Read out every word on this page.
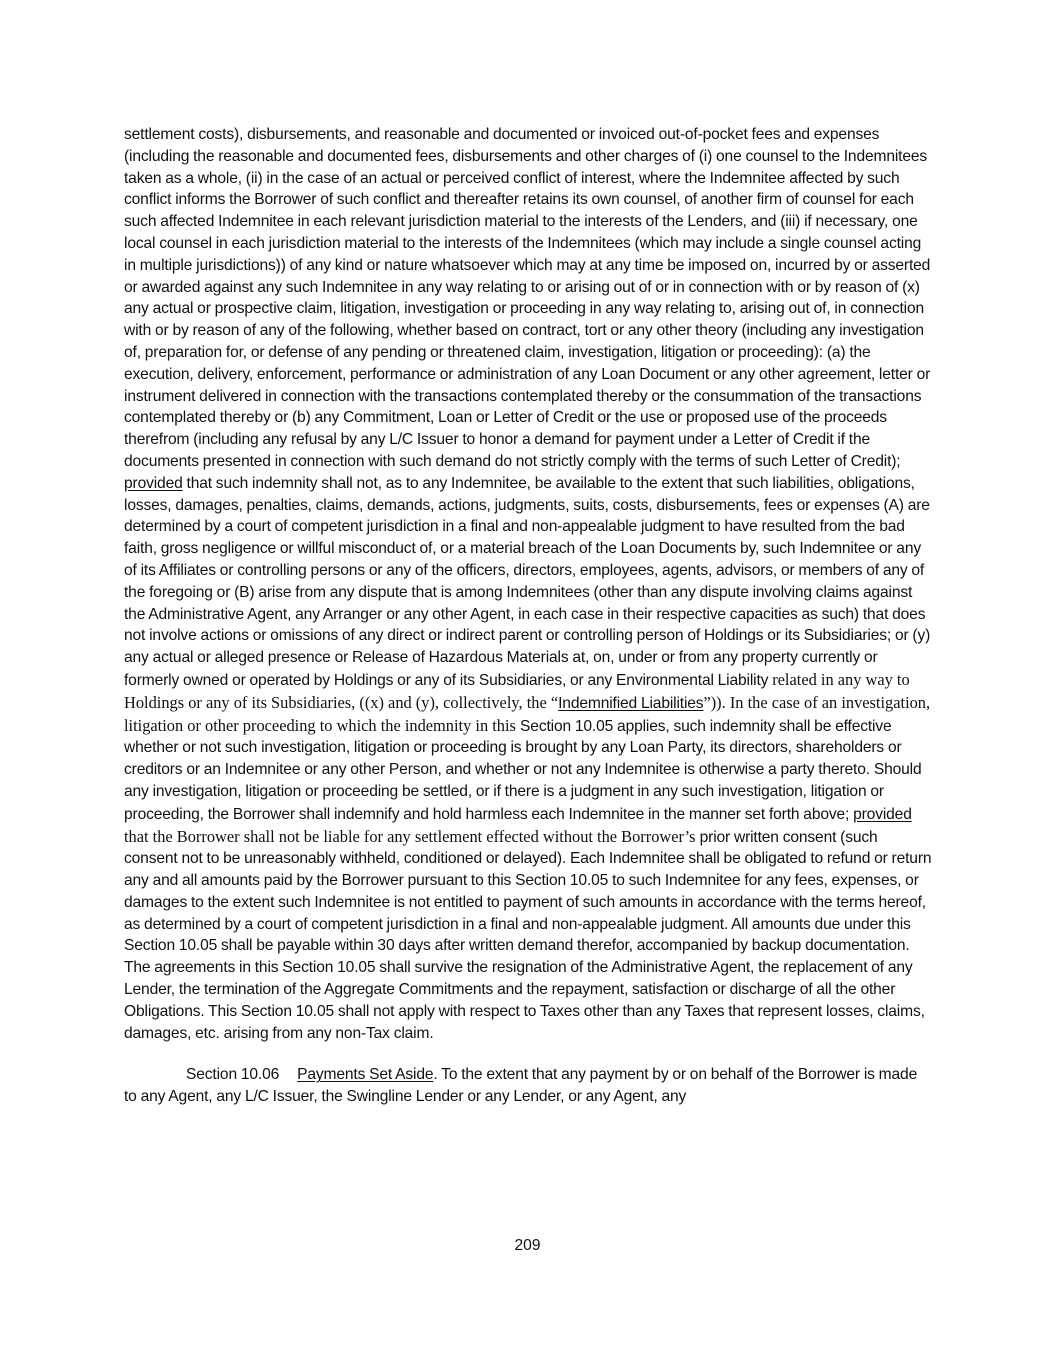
settlement costs), disbursements, and reasonable and documented or invoiced out-of-pocket fees and expenses (including the reasonable and documented fees, disbursements and other charges of (i) one counsel to the Indemnitees taken as a whole, (ii) in the case of an actual or perceived conflict of interest, where the Indemnitee affected by such conflict informs the Borrower of such conflict and thereafter retains its own counsel, of another firm of counsel for each such affected Indemnitee in each relevant jurisdiction material to the interests of the Lenders, and (iii) if necessary, one local counsel in each jurisdiction material to the interests of the Indemnitees (which may include a single counsel acting in multiple jurisdictions)) of any kind or nature whatsoever which may at any time be imposed on, incurred by or asserted or awarded against any such Indemnitee in any way relating to or arising out of or in connection with or by reason of (x) any actual or prospective claim, litigation, investigation or proceeding in any way relating to, arising out of, in connection with or by reason of any of the following, whether based on contract, tort or any other theory (including any investigation of, preparation for, or defense of any pending or threatened claim, investigation, litigation or proceeding): (a) the execution, delivery, enforcement, performance or administration of any Loan Document or any other agreement, letter or instrument delivered in connection with the transactions contemplated thereby or the consummation of the transactions contemplated thereby or (b) any Commitment, Loan or Letter of Credit or the use or proposed use of the proceeds therefrom (including any refusal by any L/C Issuer to honor a demand for payment under a Letter of Credit if the documents presented in connection with such demand do not strictly comply with the terms of such Letter of Credit); provided that such indemnity shall not, as to any Indemnitee, be available to the extent that such liabilities, obligations, losses, damages, penalties, claims, demands, actions, judgments, suits, costs, disbursements, fees or expenses (A) are determined by a court of competent jurisdiction in a final and non-appealable judgment to have resulted from the bad faith, gross negligence or willful misconduct of, or a material breach of the Loan Documents by, such Indemnitee or any of its Affiliates or controlling persons or any of the officers, directors, employees, agents, advisors, or members of any of the foregoing or (B) arise from any dispute that is among Indemnitees (other than any dispute involving claims against the Administrative Agent, any Arranger or any other Agent, in each case in their respective capacities as such) that does not involve actions or omissions of any direct or indirect parent or controlling person of Holdings or its Subsidiaries; or (y) any actual or alleged presence or Release of Hazardous Materials at, on, under or from any property currently or formerly owned or operated by Holdings or any of its Subsidiaries, or any Environmental Liability related in any way to Holdings or any of its Subsidiaries, ((x) and (y), collectively, the “Indemnified Liabilities”)). In the case of an investigation, litigation or other proceeding to which the indemnity in this Section 10.05 applies, such indemnity shall be effective whether or not such investigation, litigation or proceeding is brought by any Loan Party, its directors, shareholders or creditors or an Indemnitee or any other Person, and whether or not any Indemnitee is otherwise a party thereto. Should any investigation, litigation or proceeding be settled, or if there is a judgment in any such investigation, litigation or proceeding, the Borrower shall indemnify and hold harmless each Indemnitee in the manner set forth above; provided that the Borrower shall not be liable for any settlement effected without the Borrower’s prior written consent (such consent not to be unreasonably withheld, conditioned or delayed). Each Indemnitee shall be obligated to refund or return any and all amounts paid by the Borrower pursuant to this Section 10.05 to such Indemnitee for any fees, expenses, or damages to the extent such Indemnitee is not entitled to payment of such amounts in accordance with the terms hereof, as determined by a court of competent jurisdiction in a final and non-appealable judgment. All amounts due under this Section 10.05 shall be payable within 30 days after written demand therefor, accompanied by backup documentation. The agreements in this Section 10.05 shall survive the resignation of the Administrative Agent, the replacement of any Lender, the termination of the Aggregate Commitments and the repayment, satisfaction or discharge of all the other Obligations. This Section 10.05 shall not apply with respect to Taxes other than any Taxes that represent losses, claims, damages, etc. arising from any non-Tax claim.

Section 10.06 Payments Set Aside. To the extent that any payment by or on behalf of the Borrower is made to any Agent, any L/C Issuer, the Swingline Lender or any Lender, or any Agent, any

209
